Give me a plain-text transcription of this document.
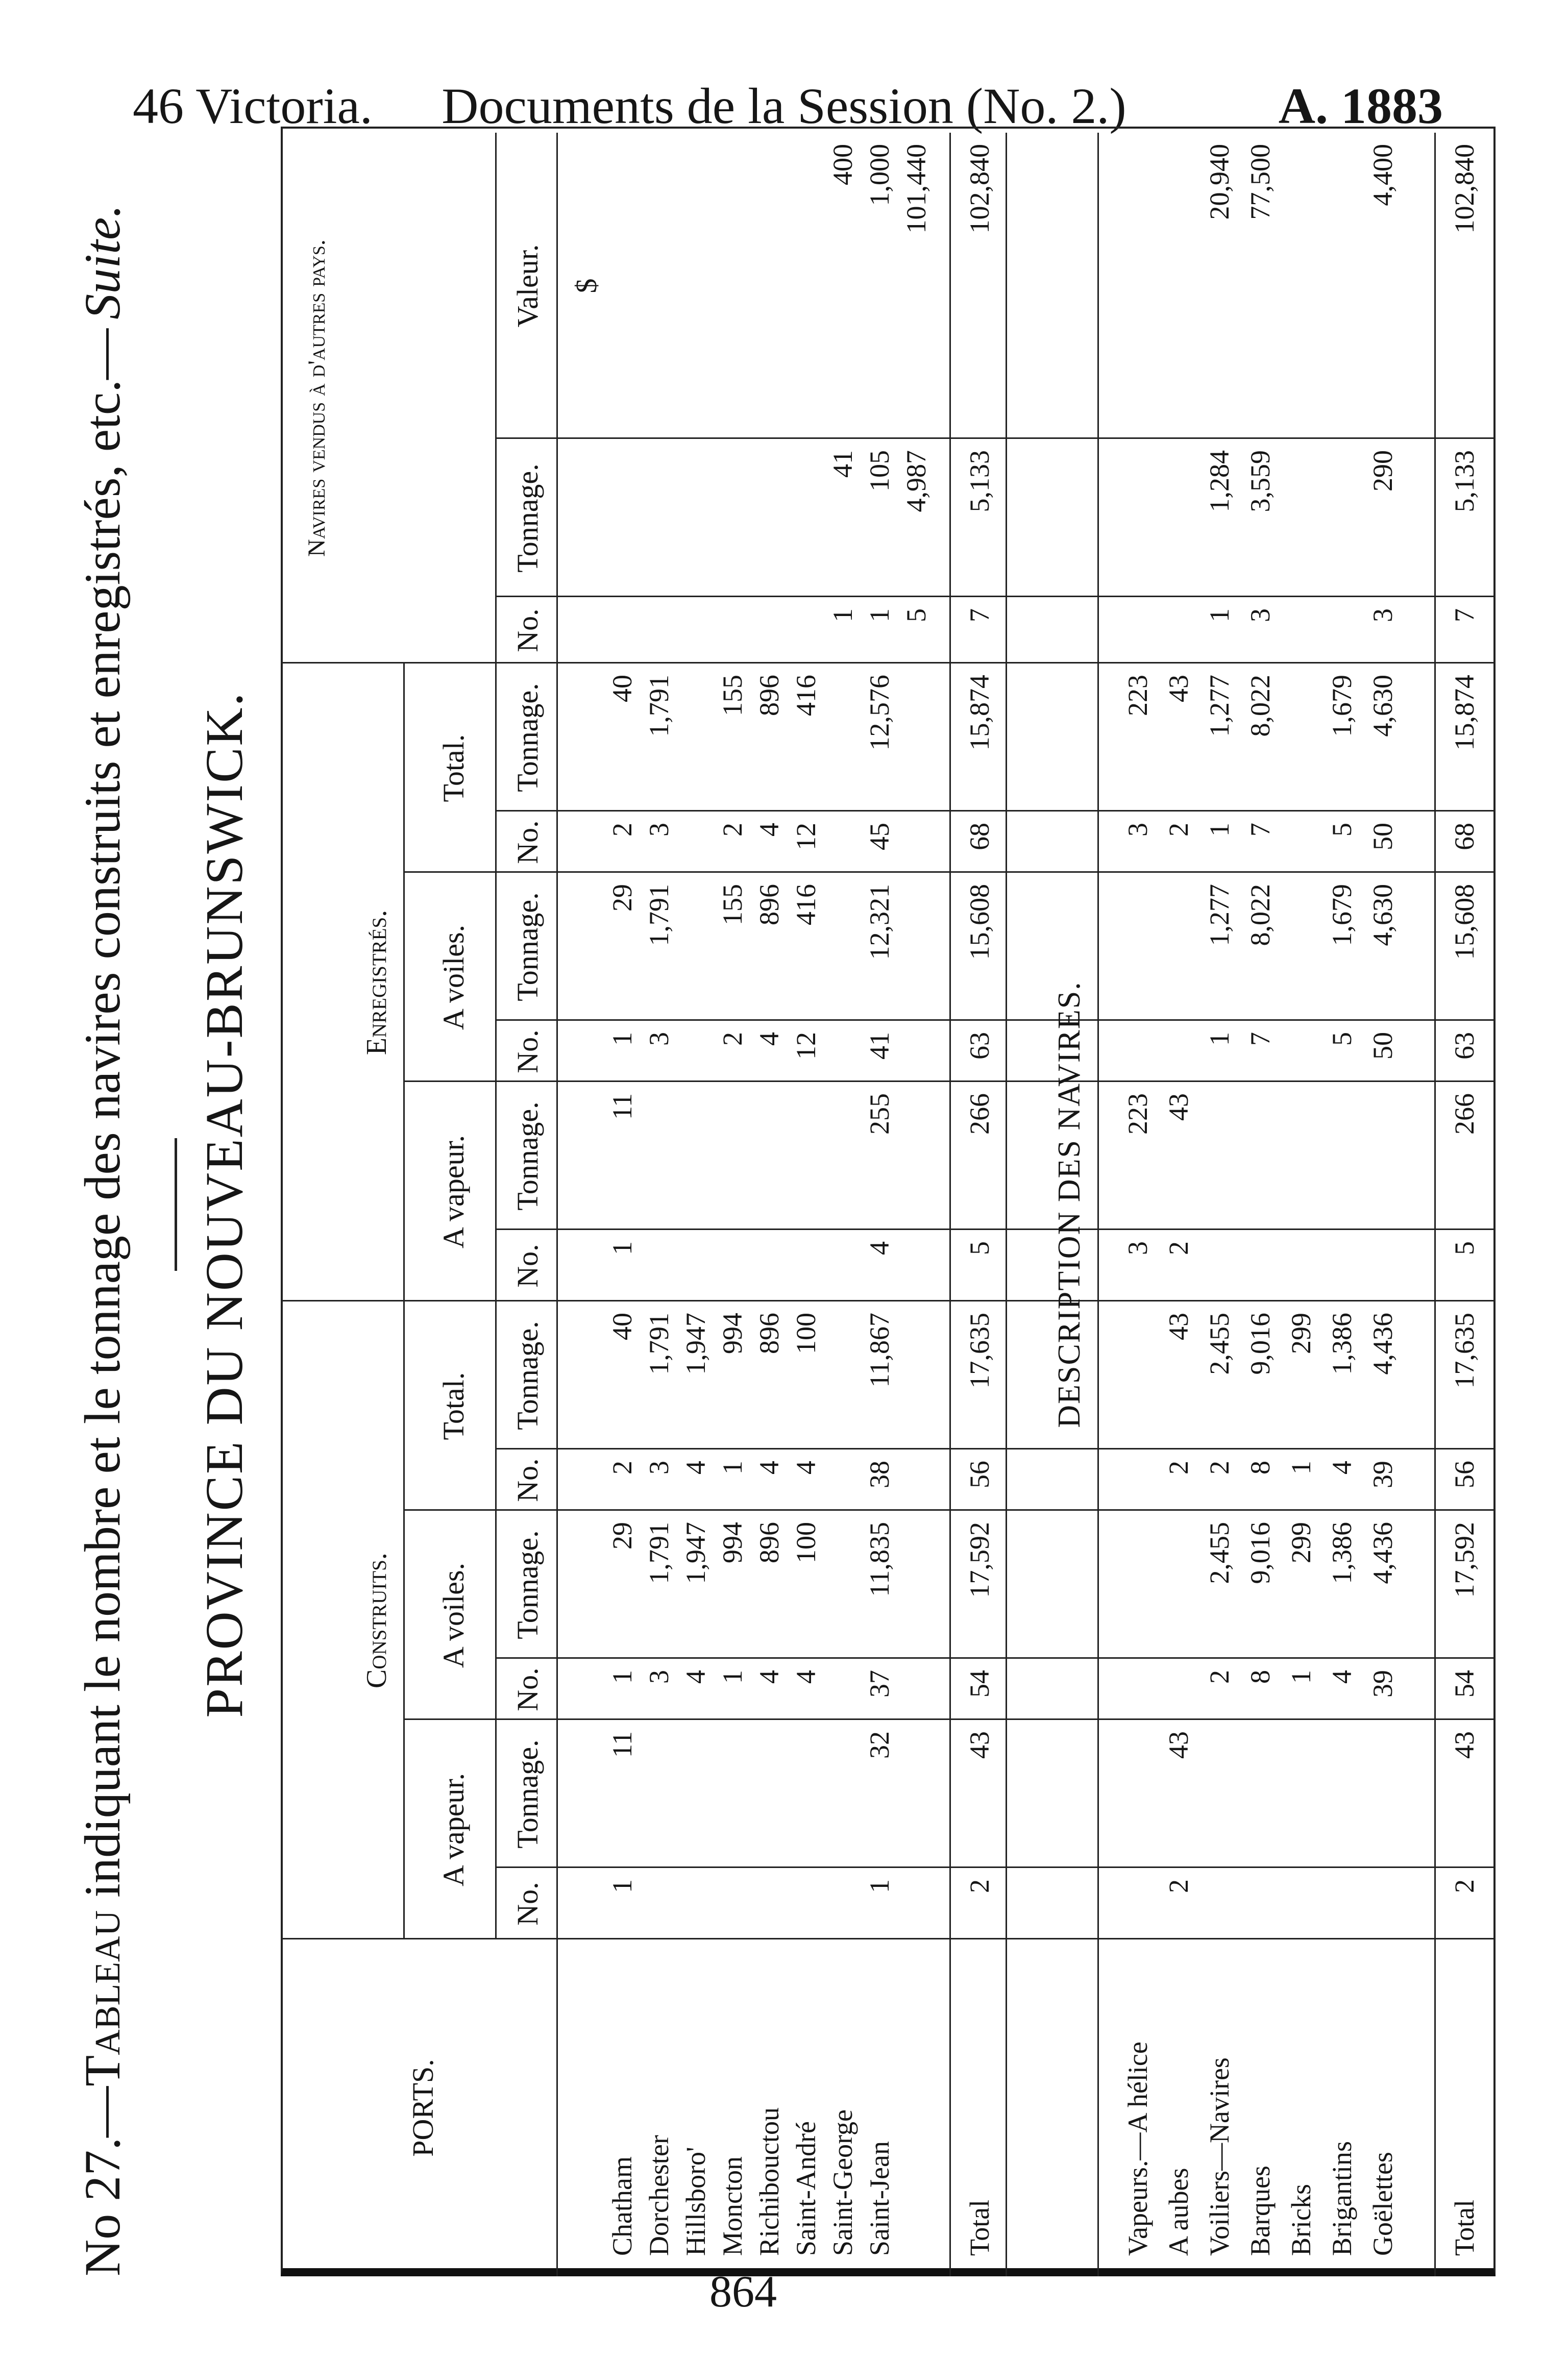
46 Victoria.	Documents de la Session (No. 2.)	A. 1883
No 27.—
Tableau

indiquant le nombre et le tonnage des navires construits et enregistrés, etc.—
Suite.
PROVINCE DU NOUVEAU-BRUNSWICK.
PORTS.
Construits.
Enregistrés.
Navires vendus à d'autres pays.
A vapeur.
A voiles.
Total.
A vapeur.
A voiles.
Total.
No.
Tonnage.
No.
Tonnage.
No.
Tonnage.
No.
Tonnage.
No.
Tonnage.
No.
Tonnage.
No.
Tonnage.
Valeur. $
Chatham
1
11
1
29
2
40
1
11
1
29
2
40
Dorchester
3
1,791
3
1,791
3
1,791
3
1,791
Hillsboro'
4
1,947
4
1,947
Moncton
1
994
1
994
2
155
2
155
Richibouctou
4
896
4
896
4
896
4
896
Saint-André
4
100
4
100
12
416
12
416
Saint-George
1
41
400
Saint-Jean
1
32
37
11,835
38
11,867
4
255
41
12,321
45
12,576
1
105
1,000
5
4,987
101,440
Total
2
43
54
17,592
56
17,635
5
266
63
15,608
68
15,874
7
5,133
102,840
DESCRIPTION DES NAVIRES.
Vapeurs.—A hélice
3
223
3
223
A aubes
2
43
2
43
2
43
2
43
Voiliers—Navires
2
2,455
2
2,455
1
1,277
1
1,277
1
1,284
20,940
Barques
8
9,016
8
9,016
7
8,022
7
8,022
3
3,559
77,500
Bricks
1
299
1
299
Brigantins
4
1,386
4
1,386
5
1,679
5
1,679
Goëlettes
39
4,436
39
4,436
50
4,630
50
4,630
3
290
4,400
Total
2
43
54
17,592
56
17,635
5
266
63
15,608
68
15,874
7
5,133
102,840
864
